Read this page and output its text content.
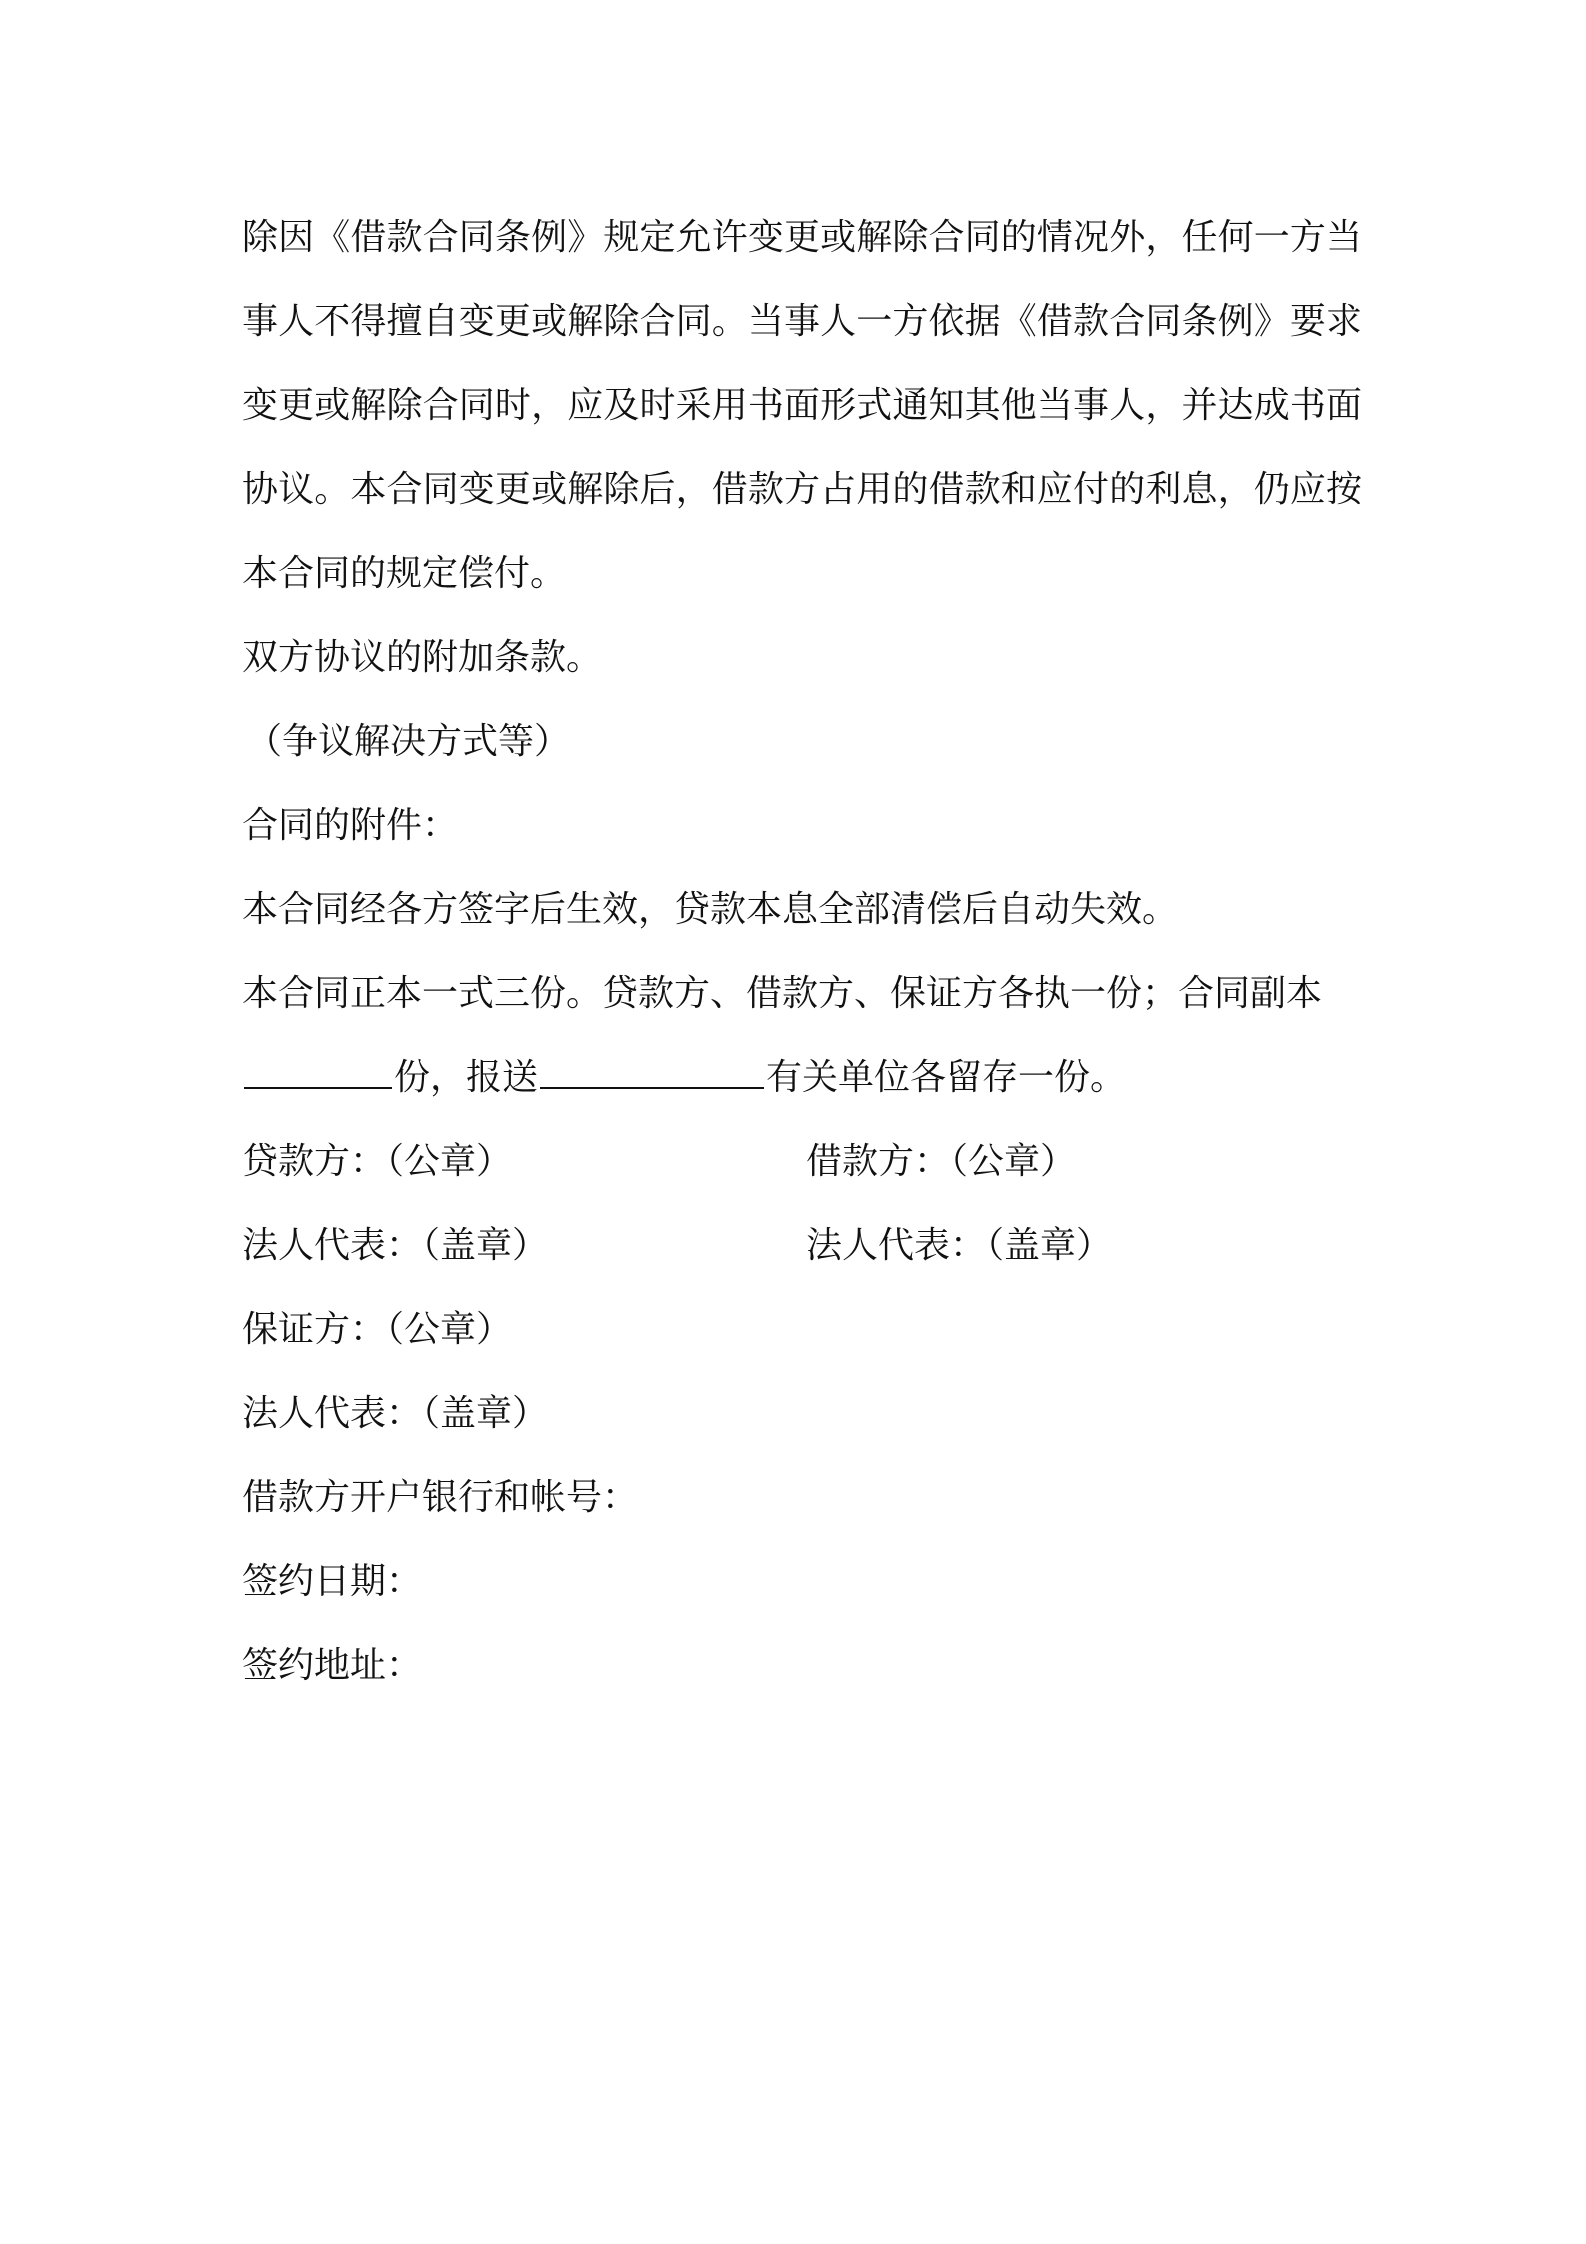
除因《借款合同条例》规定允许变更或解除合同的情况外，任何一方当事人不得擅自变更或解除合同。当事人一方依据《借款合同条例》要求变更或解除合同时，应及时采用书面形式通知其他当事人，并达成书面协议。本合同变更或解除后，借款方占用的借款和应付的利息，仍应按本合同的规定偿付。

双方协议的附加条款。

（争议解决方式等）

合同的附件：

本合同经各方签字后生效，贷款本息全部清偿后自动失效。

本合同正本一式三份。贷款方、借款方、保证方各执一份；合同副本

份，报送	有关单位各留存一份。

贷款方：（公章）	借款方：（公章）
法人代表：（盖章）	法人代表：（盖章）

保证方：（公章）

法人代表：（盖章）

借款方开户银行和帐号：

签约日期：

签约地址：
